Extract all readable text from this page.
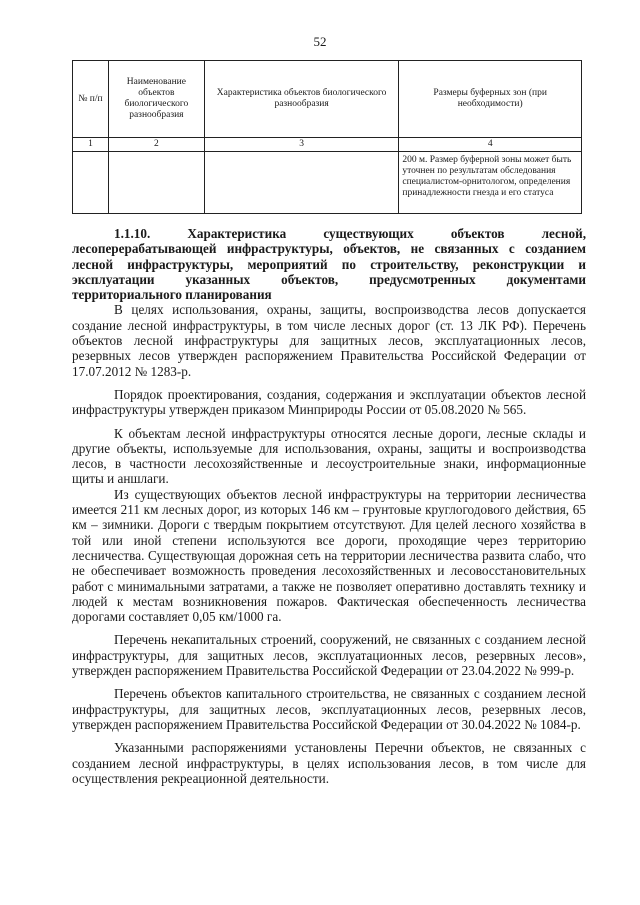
52
№ п/п	Наименование объектов биологического разнообразия	Характеристика объектов биологического разнообразия	Размеры буферных зон (при необходимости)
1	2	3	4
			200 м. Размер буферной зоны может быть уточнен по результатам обследования специалистом-орнитологом, определения принадлежности гнезда и его статуса
1.1.10. Характеристика существующих объектов лесной,
лесоперерабатывающей инфраструктуры, объектов, не связанных с созданием
лесной инфраструктуры, мероприятий по строительству, реконструкции и
эксплуатации указанных объектов, предусмотренных документами
территориального планирования

В целях использования, охраны, защиты, воспроизводства лесов допускается создание лесной инфраструктуры, в том числе лесных дорог (ст. 13 ЛК РФ). Перечень объектов лесной инфраструктуры для защитных лесов, эксплуатационных лесов, резервных лесов утвержден распоряжением Правительства Российской Федерации от 17.07.2012 № 1283-р.

Порядок проектирования, создания, содержания и эксплуатации объектов лесной инфраструктуры утвержден приказом Минприроды России от 05.08.2020 № 565.

К объектам лесной инфраструктуры относятся лесные дороги, лесные склады и другие объекты, используемые для использования, охраны, защиты и воспроизводства лесов, в частности лесохозяйственные и лесоустроительные знаки, информационные щиты и аншлаги.

Из существующих объектов лесной инфраструктуры на территории лесничества имеется 211 км лесных дорог, из которых 146 км – грунтовые круглогодового действия, 65 км – зимники. Дороги с твердым покрытием отсутствуют. Для целей лесного хозяйства в той или иной степени используются все дороги, проходящие через территорию лесничества. Существующая дорожная сеть на территории лесничества развита слабо, что не обеспечивает возможность проведения лесохозяйственных и лесовосстановительных работ с минимальными затратами, а также не позволяет оперативно доставлять технику и людей к местам возникновения пожаров. Фактическая обеспеченность лесничества дорогами составляет 0,05 км/1000 га.

Перечень некапитальных строений, сооружений, не связанных с созданием лесной инфраструктуры, для защитных лесов, эксплуатационных лесов, резервных лесов», утвержден распоряжением Правительства Российской Федерации от 23.04.2022 № 999-р.

Перечень объектов капитального строительства, не связанных с созданием лесной инфраструктуры, для защитных лесов, эксплуатационных лесов, резервных лесов, утвержден распоряжением Правительства Российской Федерации от 30.04.2022 № 1084-р.

Указанными распоряжениями установлены Перечни объектов, не связанных с созданием лесной инфраструктуры, в целях использования лесов, в том числе для осуществления рекреационной деятельности.
